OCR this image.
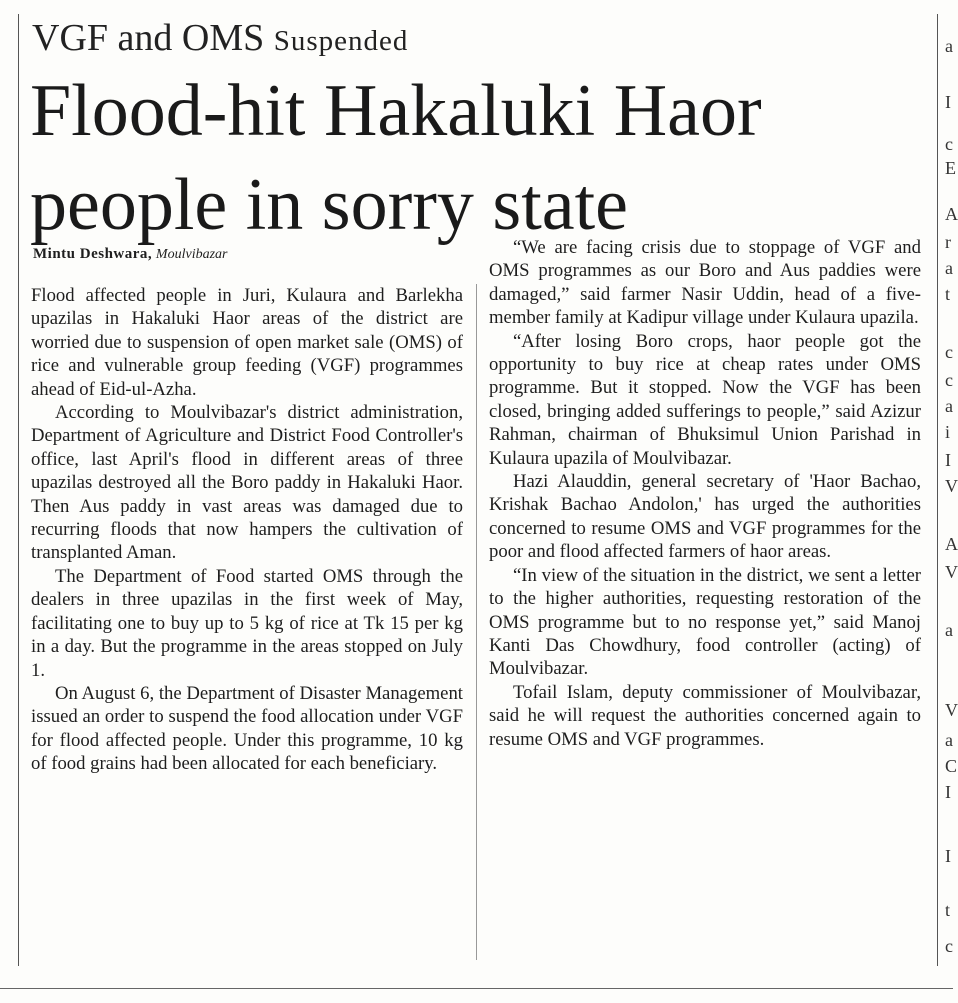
VGF and OMS Suspended
Flood-hit Hakaluki Haor
people in sorry state
Mintu Deshwara, Moulvibazar

Flood affected people in Juri, Kulaura and Barlekha upazilas in Hakaluki Haor areas of the district are worried due to suspension of open market sale (OMS) of rice and vulnerable group feeding (VGF) programmes ahead of Eid-ul-Azha.

According to Moulvibazar's district administration, Department of Agriculture and District Food Controller's office, last April's flood in different areas of three upazilas destroyed all the Boro paddy in Hakaluki Haor. Then Aus paddy in vast areas was damaged due to recurring floods that now hampers the cultivation of transplanted Aman.

The Department of Food started OMS through the dealers in three upazilas in the first week of May, facilitating one to buy up to 5 kg of rice at Tk 15 per kg in a day. But the programme in the areas stopped on July 1.

On August 6, the Department of Disaster Management issued an order to suspend the food allocation under VGF for flood affected people. Under this programme, 10 kg of food grains had been allocated for each beneficiary.

“We are facing crisis due to stoppage of VGF and OMS programmes as our Boro and Aus paddies were damaged,” said farmer Nasir Uddin, head of a five-member family at Kadipur village under Kulaura upazila.

“After losing Boro crops, haor people got the opportunity to buy rice at cheap rates under OMS programme. But it stopped. Now the VGF has been closed, bringing added sufferings to people,” said Azizur Rahman, chairman of Bhuksimul Union Parishad in Kulaura upazila of Moulvibazar.

Hazi Alauddin, general secretary of 'Haor Bachao, Krishak Bachao Andolon,' has urged the authorities concerned to resume OMS and VGF programmes for the poor and flood affected farmers of haor areas.

“In view of the situation in the district, we sent a letter to the higher authorities, requesting restoration of the OMS programme but to no response yet,” said Manoj Kanti Das Chowdhury, food controller (acting) of Moulvibazar.

Tofail Islam, deputy commissioner of Moulvibazar, said he will request the authorities concerned again to resume OMS and VGF programmes.

a
I
c
E
A
r
a
t
c
c
a
i
I
V
A
V
a
V
a
C
I
I
t
c
